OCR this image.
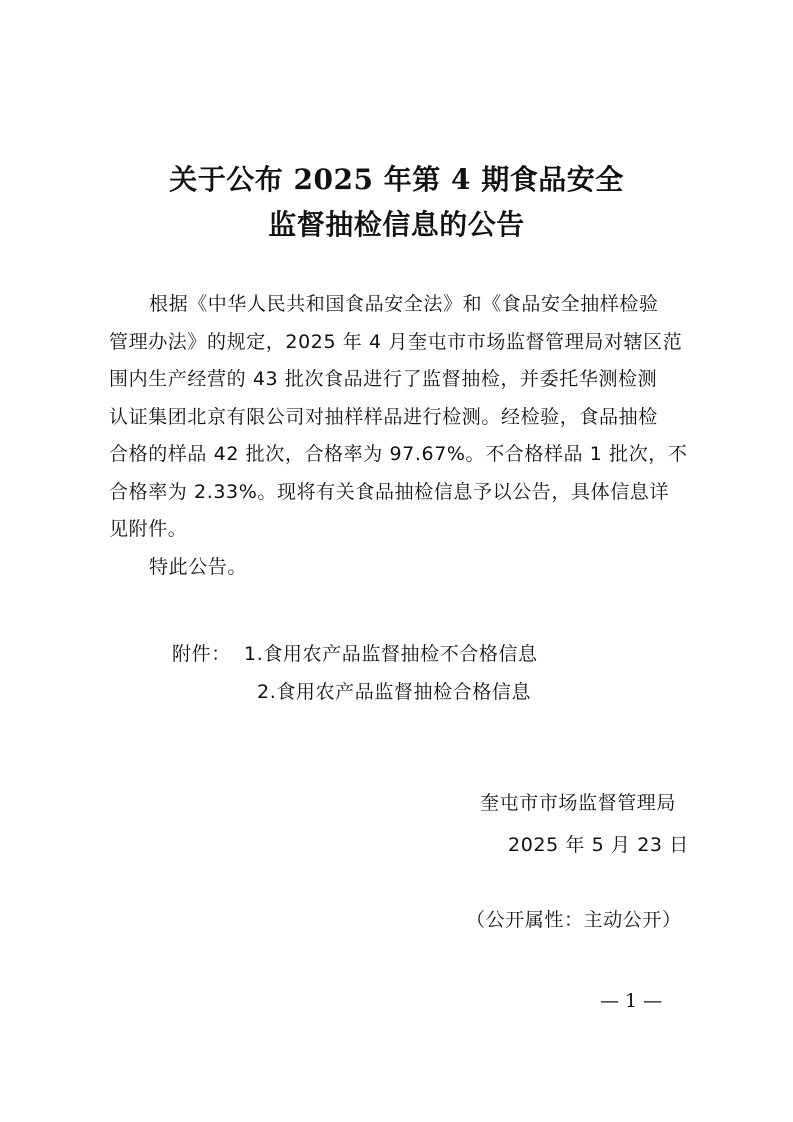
关于公布 2025 年第 4 期食品安全
监督抽检信息的公告

根据《中华人民共和国食品安全法》和《食品安全抽样检验
管理办法》的规定，2025 年 4 月奎屯市市场监督管理局对辖区范
围内生产经营的 43 批次食品进行了监督抽检，并委托华测检测
认证集团北京有限公司对抽样样品进行检测。经检验，食品抽检
合格的样品 42 批次，合格率为 97.67%。不合格样品 1 批次，不
合格率为 2.33%。现将有关食品抽检信息予以公告，具体信息详
见附件。

特此公告。

附件： 1.食用农产品监督抽检不合格信息
2.食用农产品监督抽检合格信息
奎屯市市场监督管理局
2025 年 5 月 23 日
（公开属性：主动公开）
— 1 —
